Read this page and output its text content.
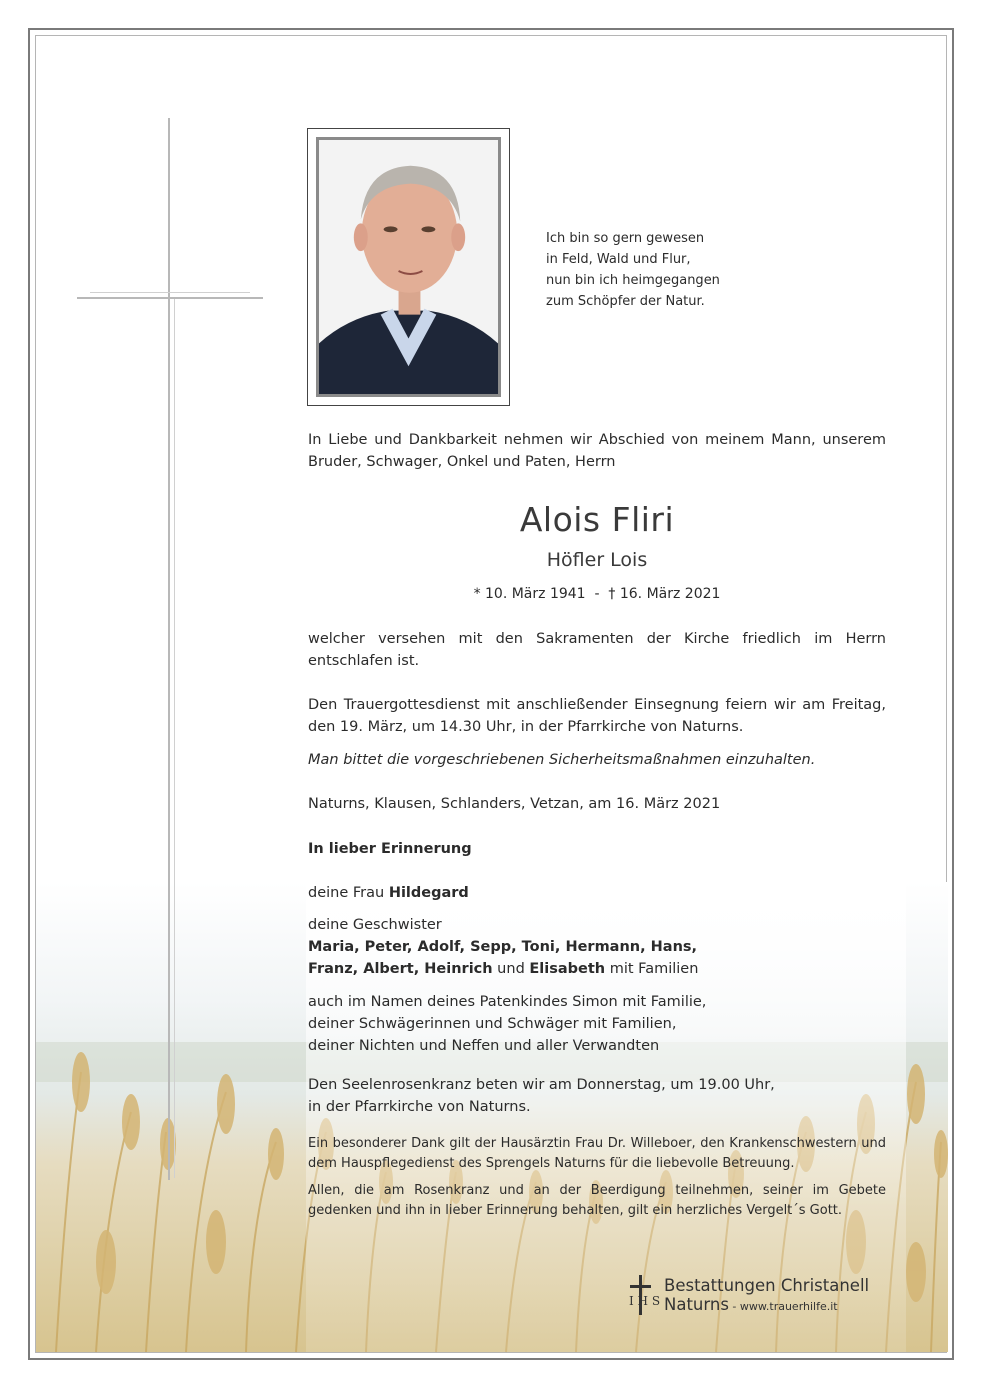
Ich bin so gern gewesen
in Feld, Wald und Flur,
nun bin ich heimgegangen
zum Schöpfer der Natur.
In Liebe und Dankbarkeit nehmen wir Abschied von meinem Mann, unserem Bruder, Schwager, Onkel und Paten, Herrn
Alois Fliri
Höfler Lois
* 10. März 1941  -  † 16. März 2021
welcher versehen mit den Sakramenten der Kirche friedlich im Herrn entschlafen ist.
Den Trauergottesdienst mit anschließender Einsegnung feiern wir am Freitag, den 19. März, um 14.30 Uhr, in der Pfarrkirche von Naturns.
Man bittet die vorgeschriebenen Sicherheitsmaßnahmen einzuhalten.
Naturns, Klausen, Schlanders, Vetzan, am 16. März 2021
In lieber Erinnerung
deine Frau Hildegard
deine Geschwister
Maria, Peter, Adolf, Sepp, Toni, Hermann, Hans,
Franz, Albert, Heinrich und Elisabeth mit Familien
auch im Namen deines Patenkindes Simon mit Familie,
deiner Schwägerinnen und Schwäger mit Familien,
deiner Nichten und Neffen und aller Verwandten
Den Seelenrosenkranz beten wir am Donnerstag, um 19.00 Uhr,
in der Pfarrkirche von Naturns.
Ein besonderer Dank gilt der Hausärztin Frau Dr. Willeboer, den Krankenschwestern und dem Hauspflegedienst des Sprengels Naturns für die liebevolle Betreuung.
Allen, die am Rosenkranz und an der Beerdigung teilnehmen, seiner im Gebete gedenken und ihn in lieber Erinnerung behalten, gilt ein herzliches Vergelt´s Gott.
I H S
Bestattungen Christanell
Naturns - www.trauerhilfe.it
